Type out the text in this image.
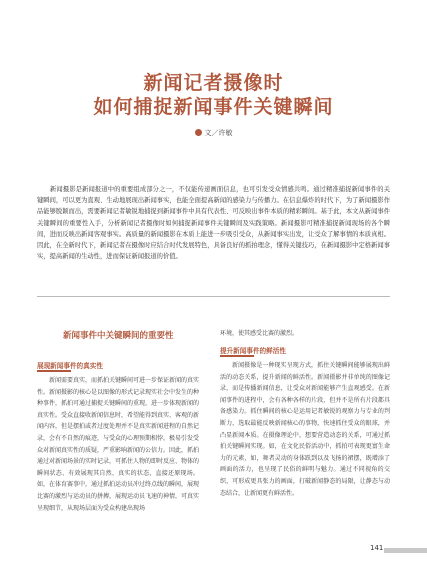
新闻记者摄像时
如何捕捉新闻事件关键瞬间
文／许敏
新闻摄影是新闻报道中的重要组成部分之一，不仅能传递画面信息，也可引发受众情感共鸣。通过精准捕捉新闻事件的关键瞬间，可以更为直观、生动地展现出新闻事实，也能全面提高新闻的感染力与传播力。在信息爆炸的时代下，为了新闻摄影作品能够脱颖而出，需要新闻记者敏锐地捕捉到新闻事件中具有代表性、可反映出事件本质的精彩瞬间。基于此，本文从新闻事件关键瞬间的重要性入手，分析新闻记者摄像时如何捕捉新闻事件关键瞬间及实践策略。新闻摄影可精准捕捉新闻现场的各个瞬间，进而反映出新闻客观事实。高质量的新闻摄影在本质上能进一步吸引受众，从新闻事实出发，让受众了解事情的本质真相。因此，在全新时代下，新闻记者在摄像时应结合时代发展特色，具备良好的抓拍理念，懂得关键技巧，在新闻摄影中定格新闻事实，提高新闻的生动性，进而保证新闻报道的价值。
新闻事件中关键瞬间的重要性
展现新闻事件的真实性
新闻需要真实，而抓拍关键瞬间可进一步保证新闻的真实性。新闻摄影的核心是以图像的形式记录现实社会中发生的种种事件，抓拍可通过捕捉关键瞬间的重现，进一步体现新闻的真实性。受众直接收新闻信息时，希望能得到真实、客观的新闻内容，但是摆拍或者过度处理并不是真实新闻进程的自然记录，会有不自然的痕迹，与受众的心理预期相悖，极易引发受众对新闻真实性的质疑，严重影响新闻的公信力。因此，抓拍通过对新闻场景的实时记录，可抓住人物的即时反应、物体的瞬间状态、有效展现其自然、真实的状态，直接还原现场。如，在体育赛事中，通过抓拍运动员冲过终点线的瞬间，展现比赛的激烈与运动员的拼搏，展现运动员飞速的神情，可真实呈现细节，从现场层面为受众构建出现场
环境，使其感受比赛的激烈。
提升新闻事件的鲜活性
新闻摄像是一种现实呈现方式，抓住关键瞬间能够展现出鲜活的动态关系，提升新闻的鲜活性。新闻摄影并非单纯的图像记录，而是传播新闻信息，让受众对新闻能够产生直观感受。在新闻事件的进程中，会有各种各样的片段，但并不是所有片段都具备感染力。抓住瞬间的核心是运用记者敏锐的观察力与专业的判断力，选取最能反映新闻核心的事物，快速抓住受众的眼球，并凸显新闻本质。在摄像理论中，想要营造动态的关系，可通过抓拍关键瞬间实现。如，在文化民俗活动中，抓拍可表现更富生命力的元素，如，舞者灵动的身体跃到以及飞扬的裙摆，既增添了画面的活力，也呈现了民俗的鲜明与魅力。通过不同视角的交织，可形成更具张力的画面，打破新闻静态的局限，让静态与动态结合，让新闻更有鲜活性。
141
